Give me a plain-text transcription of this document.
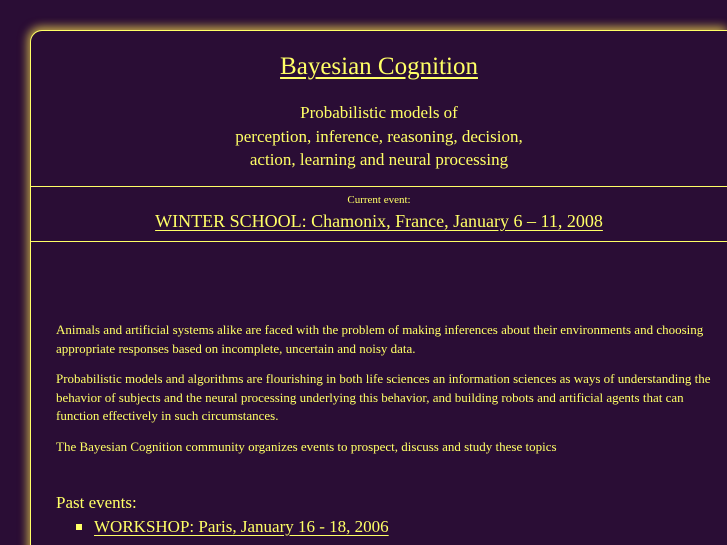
Bayesian Cognition
Probabilistic models of
perception, inference, reasoning, decision,
action, learning and neural processing
Current event:
WINTER SCHOOL: Chamonix, France, January 6 – 11, 2008

Animals and artificial systems alike are faced with the problem of making inferences about their environments and choosing appropriate responses based on incomplete, uncertain and noisy data.

Probabilistic models and algorithms are flourishing in both life sciences an information sciences as ways of understanding the behavior of subjects and the neural processing underlying this behavior, and building robots and artificial agents that can function effectively in such circumstances.

The Bayesian Cognition community organizes events to prospect, discuss and study these topics

Past events:
WORKSHOP: Paris, January 16 - 18, 2006
